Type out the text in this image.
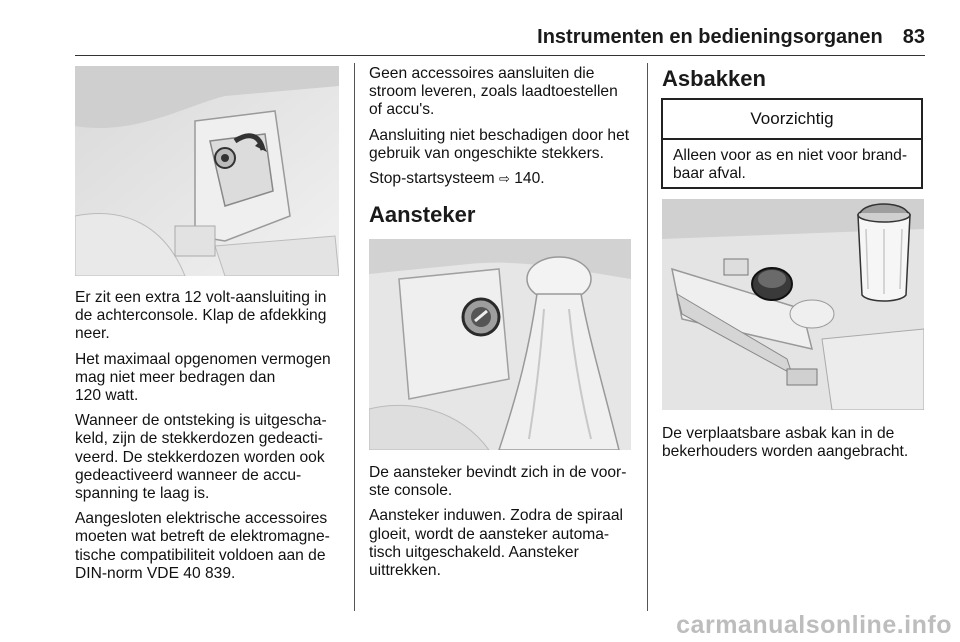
Instrumenten en bedieningsorganen 83

Er zit een extra 12 volt-aansluiting in
de achterconsole. Klap de afdekking
neer.

Het maximaal opgenomen vermogen
mag niet meer bedragen dan
120 watt.

Wanneer de ontsteking is uitgescha-
keld, zijn de stekkerdozen gedeacti-
veerd. De stekkerdozen worden ook
gedeactiveerd wanneer de accu-
spanning te laag is.

Aangesloten elektrische accessoires
moeten wat betreft de elektromagne-
tische compatibiliteit voldoen aan de
DIN-norm VDE 40 839.

Geen accessoires aansluiten die
stroom leveren, zoals laadtoestellen
of accu's.

Aansluiting niet beschadigen door het
gebruik van ongeschikte stekkers.

Stop-startsysteem ⇨ 140.

Aansteker

De aansteker bevindt zich in de voor-
ste console.

Aansteker induwen. Zodra de spiraal
gloeit, wordt de aansteker automa-
tisch uitgeschakeld. Aansteker
uittrekken.

Asbakken
Voorzichtig
Alleen voor as en niet voor brand-
baar afval.

De verplaatsbare asbak kan in de
bekerhouders worden aangebracht.

carmanualsonline.info
